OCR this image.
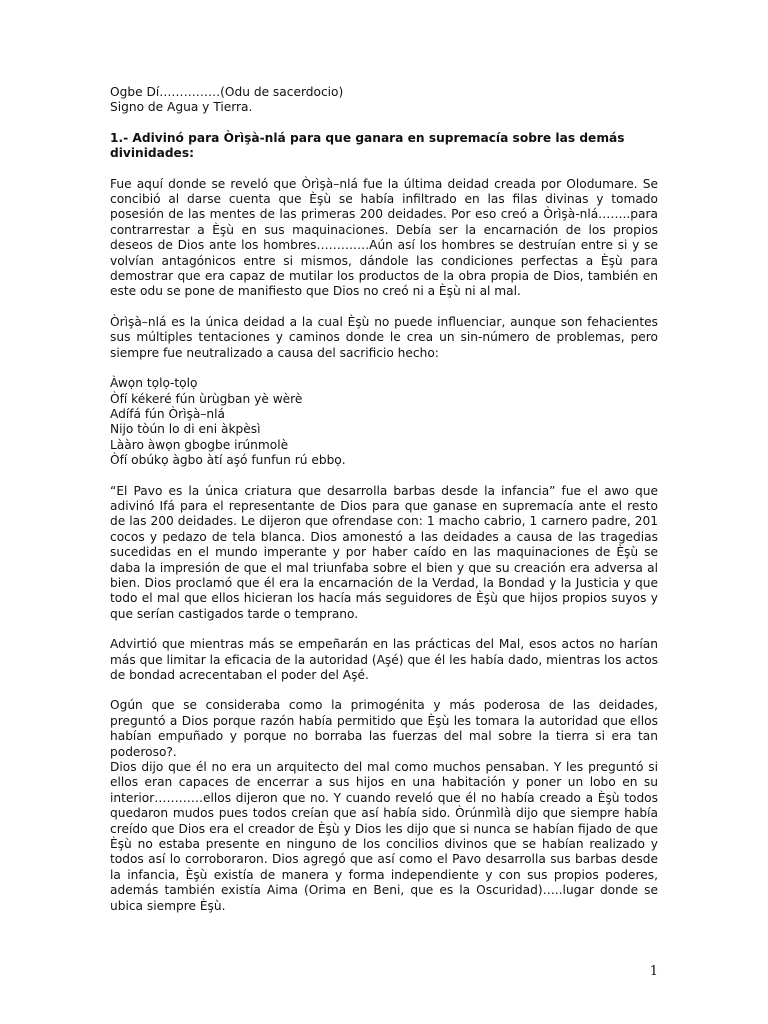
Ogbe Dí……………(Odu de sacerdocio)

Signo de Agua y Tierra.

1.- Adivinó para Òrìşà-nlá para que ganara en supremacía sobre las demás divinidades:

Fue aquí donde se reveló que Òrìşà–nlá fue la última deidad creada por Olodumare. Se concibió al darse cuenta que Èşù se había infiltrado en las filas divinas y tomado posesión de las mentes de las primeras 200 deidades. Por eso creó a Òrìşà-nlá……..para contrarrestar a Èşù en sus maquinaciones. Debía ser la encarnación de los propios deseos de Dios ante los hombres………….Aún así los hombres se destruían entre si y se volvían antagónicos entre si mismos, dándole las condiciones perfectas a Èşù para demostrar que era capaz de mutilar los productos de la obra propia de Dios, también en este odu se pone de manifiesto que Dios no creó ni a Èşù ni al mal.

Òrìşà–nlá es la única deidad a la cual Èşù no puede influenciar, aunque son fehacientes sus múltiples tentaciones y caminos donde le crea un sin-número de problemas, pero siempre fue neutralizado a causa del sacrificio hecho:

Àwọn tọlọ-tọlọ
Òfí kékeré fún ùrùgban yè wèrè
Adífá fún Òrìşà–nlá
Nijo tòún lo di eni àkpèsì
Lààro àwọn gbogbe irúnmolè
Òfí obúkọ àgbo àtí aşó funfun rú ebbọ.

“El Pavo es la única criatura que desarrolla barbas desde la infancia” fue el awo que adivinó Ifá para el representante de Dios para que ganase en supremacía ante el resto de las 200 deidades. Le dijeron que ofrendase con: 1 macho cabrio, 1 carnero padre, 201 cocos y pedazo de tela blanca. Dios amonestó a las deidades a causa de las tragedias sucedidas en el mundo imperante y por haber caído en las maquinaciones de Èşù se daba la impresión de que el mal triunfaba sobre el bien y que su creación era adversa al bien. Dios proclamó que él era la encarnación de la Verdad, la Bondad y la Justicia y que todo el mal que ellos hicieran los hacía más seguidores de Èşù que hijos propios suyos y que serían castigados tarde o temprano.

Advirtió que mientras más se empeñarán en las prácticas del Mal, esos actos no harían más que limitar la eficacia de la autoridad (Aşé) que él les había dado, mientras los actos de bondad acrecentaban el poder del Aşé.

Ogún que se consideraba como la primogénita y más poderosa de las deidades, preguntó a Dios porque razón había permitido que Èşù les tomara la autoridad que ellos habían empuñado y porque no borraba las fuerzas del mal sobre la tierra si era tan poderoso?.

Dios dijo que él no era un arquitecto del mal como muchos pensaban. Y les preguntó si ellos eran capaces de encerrar a sus hijos en una habitación y poner un lobo en su interior…………ellos dijeron que no. Y cuando reveló que él no había creado a Èşù todos quedaron mudos pues todos creían que así había sido. Òrúnmìlà dijo que siempre había creído que Dios era el creador de Èşù y Dios les dijo que si nunca se habían fijado de que Èşù no estaba presente en ninguno de los concilios divinos que se habían realizado y todos así lo corroboraron. Dios agregó que así como el Pavo desarrolla sus barbas desde la infancia, Èşù existía de manera y forma independiente y con sus propios poderes, además también existía Aima (Orima en Beni, que es la Oscuridad)…..lugar donde se ubica siempre Èşù.

1
